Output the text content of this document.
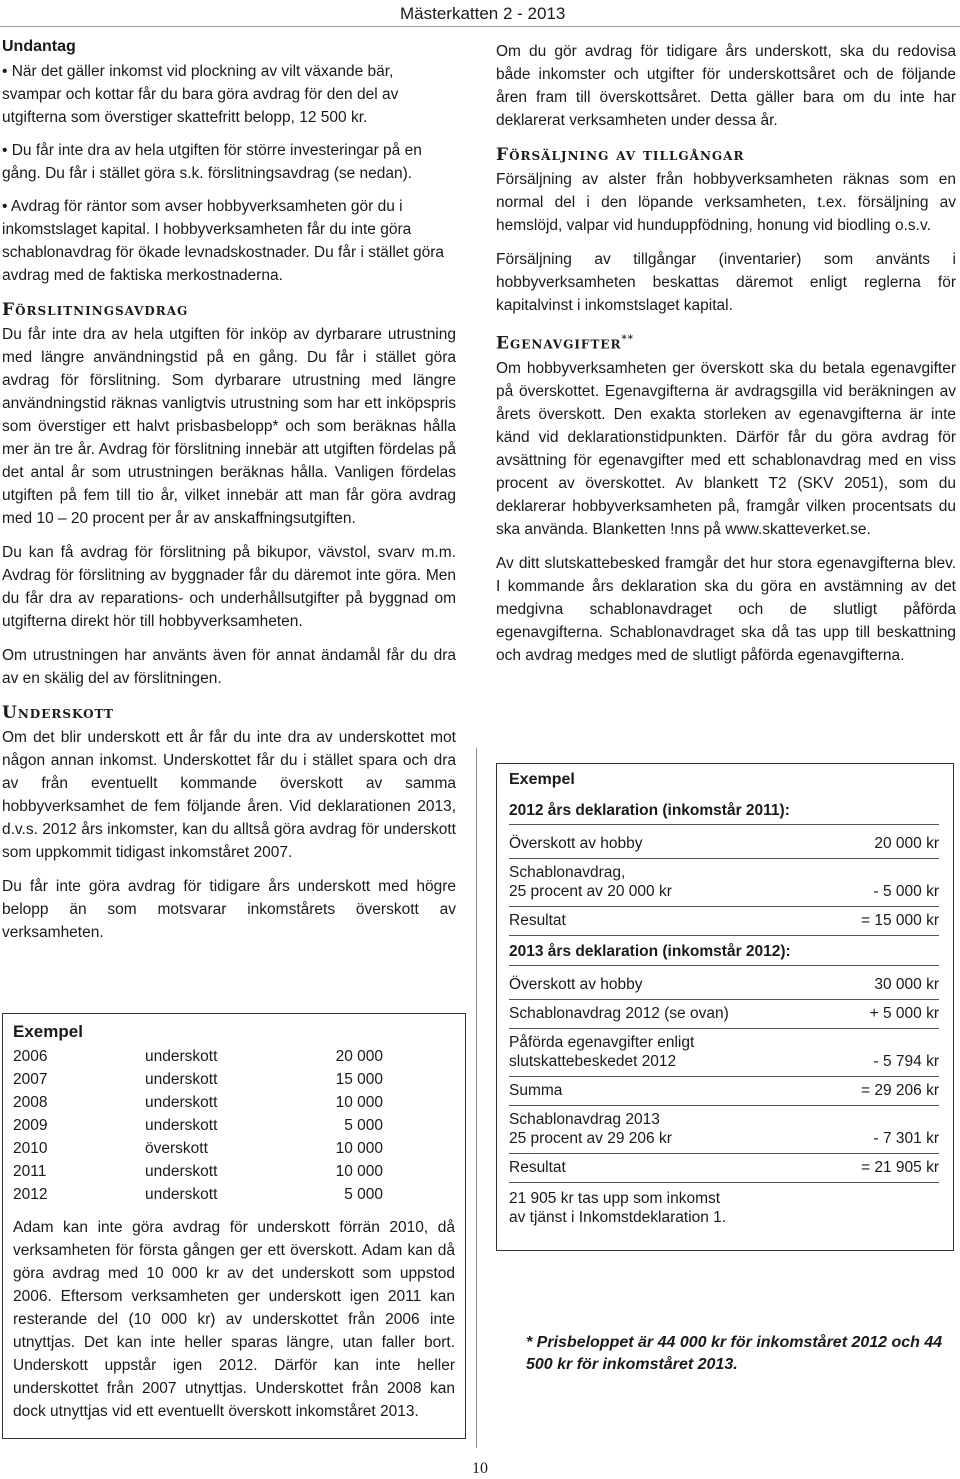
Mästerkatten 2 - 2013
Undantag
• När det gäller inkomst vid plockning av vilt växande bär, svampar och kottar får du bara göra avdrag för den del av utgifterna som överstiger skattefritt belopp, 12 500 kr.
• Du får inte dra av hela utgiften för större investeringar på en gång. Du får i stället göra s.k. förslitningsavdrag (se nedan).
• Avdrag för räntor som avser hobbyverksamheten gör du i inkomstslaget kapital. I hobbyverksamheten får du inte göra schablonavdrag för ökade levnadskostnader. Du får i stället göra avdrag med de faktiska merkostnaderna.
Förslitningsavdrag

Du får inte dra av hela utgiften för inköp av dyrbarare utrustning med längre användningstid på en gång. Du får i stället göra avdrag för förslitning. Som dyrbarare utrustning med längre användningstid räknas vanligtvis utrustning som har ett inköpspris som överstiger ett halvt prisbasbelopp* och som beräknas hålla mer än tre år. Avdrag för förslitning innebär att utgiften fördelas på det antal år som utrustningen beräknas hålla. Vanligen fördelas utgiften på fem till tio år, vilket innebär att man får göra avdrag med 10 – 20 procent per år av anskaffningsutgiften.

Du kan få avdrag för förslitning på bikupor, vävstol, svarv m.m. Avdrag för förslitning av byggnader får du däremot inte göra. Men du får dra av reparations- och underhållsutgifter på byggnad om utgifterna direkt hör till hobbyverksamheten.

Om utrustningen har använts även för annat ändamål får du dra av en skälig del av förslitningen.

Underskott

Om det blir underskott ett år får du inte dra av underskottet mot någon annan inkomst. Underskottet får du i stället spara och dra av från eventuellt kommande överskott av samma hobbyverksamhet de fem följande åren. Vid deklarationen 2013, d.v.s. 2012 års inkomster, kan du alltså göra avdrag för underskott som uppkommit tidigast inkomståret 2007.

Du får inte göra avdrag för tidigare års underskott med högre belopp än som motsvarar inkomstårets överskott av verksamheten.

Exempel
2006	underskott	20 000
2007	underskott	15 000
2008	underskott	10 000
2009	underskott	5 000
2010	överskott	10 000
2011	underskott	10 000
2012	underskott	5 000

Adam kan inte göra avdrag för underskott förrän 2010, då verksamheten för första gången ger ett överskott. Adam kan då göra avdrag med 10 000 kr av det underskott som uppstod 2006. Eftersom verksamheten ger underskott igen 2011 kan resterande del (10 000 kr) av underskottet från 2006 inte utnyttjas. Det kan inte heller sparas längre, utan faller bort. Underskott uppstår igen 2012. Därför kan inte heller underskottet från 2007 utnyttjas. Underskottet från 2008 kan dock utnyttjas vid ett eventuellt överskott inkomståret 2013.

Om du gör avdrag för tidigare års underskott, ska du redovisa både inkomster och utgifter för underskottsåret och de följande åren fram till överskottsåret. Detta gäller bara om du inte har deklarerat verksamheten under dessa år.

Försäljning av tillgångar

Försäljning av alster från hobbyverksamheten räknas som en normal del i den löpande verksamheten, t.ex. försäljning av hemslöjd, valpar vid hunduppfödning, honung vid biodling o.s.v.

Försäljning av tillgångar (inventarier) som använts i hobbyverksamheten beskattas däremot enligt reglerna för kapitalvinst i inkomstslaget kapital.

Egenavgifter**

Om hobbyverksamheten ger överskott ska du betala egenavgifter på överskottet. Egenavgifterna är avdragsgilla vid beräkningen av årets överskott. Den exakta storleken av egenavgifterna är inte känd vid deklarationstidpunkten. Därför får du göra avdrag för avsättning för egenavgifter med ett schablonavdrag med en viss procent av överskottet. Av blankett T2 (SKV 2051), som du deklarerar hobbyverksamheten på, framgår vilken procentsats du ska använda. Blanketten !nns på www.skatteverket.se.

Av ditt slutskattebesked framgår det hur stora egenavgifterna blev. I kommande års deklaration ska du göra en avstämning av det medgivna schablonavdraget och de slutligt påförda egenavgifterna. Schablonavdraget ska då tas upp till beskattning och avdrag medges med de slutligt påförda egenavgifterna.

Exempel
2012 års deklaration (inkomstår 2011):
Överskott av hobby	20 000 kr
Schablonavdrag,
25 procent av 20 000 kr	- 5 000 kr
Resultat	= 15 000 kr
2013 års deklaration (inkomstår 2012):
Överskott av hobby	30 000 kr
Schablonavdrag 2012 (se ovan)	+ 5 000 kr
Påförda egenavgifter enligt
slutskattebeskedet 2012	- 5 794 kr
Summa	= 29 206 kr
Schablonavdrag 2013
25 procent av 29 206 kr	- 7 301 kr
Resultat	= 21 905 kr
21 905 kr tas upp som inkomst
av tjänst i Inkomstdeklaration 1.
* Prisbeloppet är 44 000 kr för inkomståret 2012 och 44 500 kr för inkomståret 2013.
10
